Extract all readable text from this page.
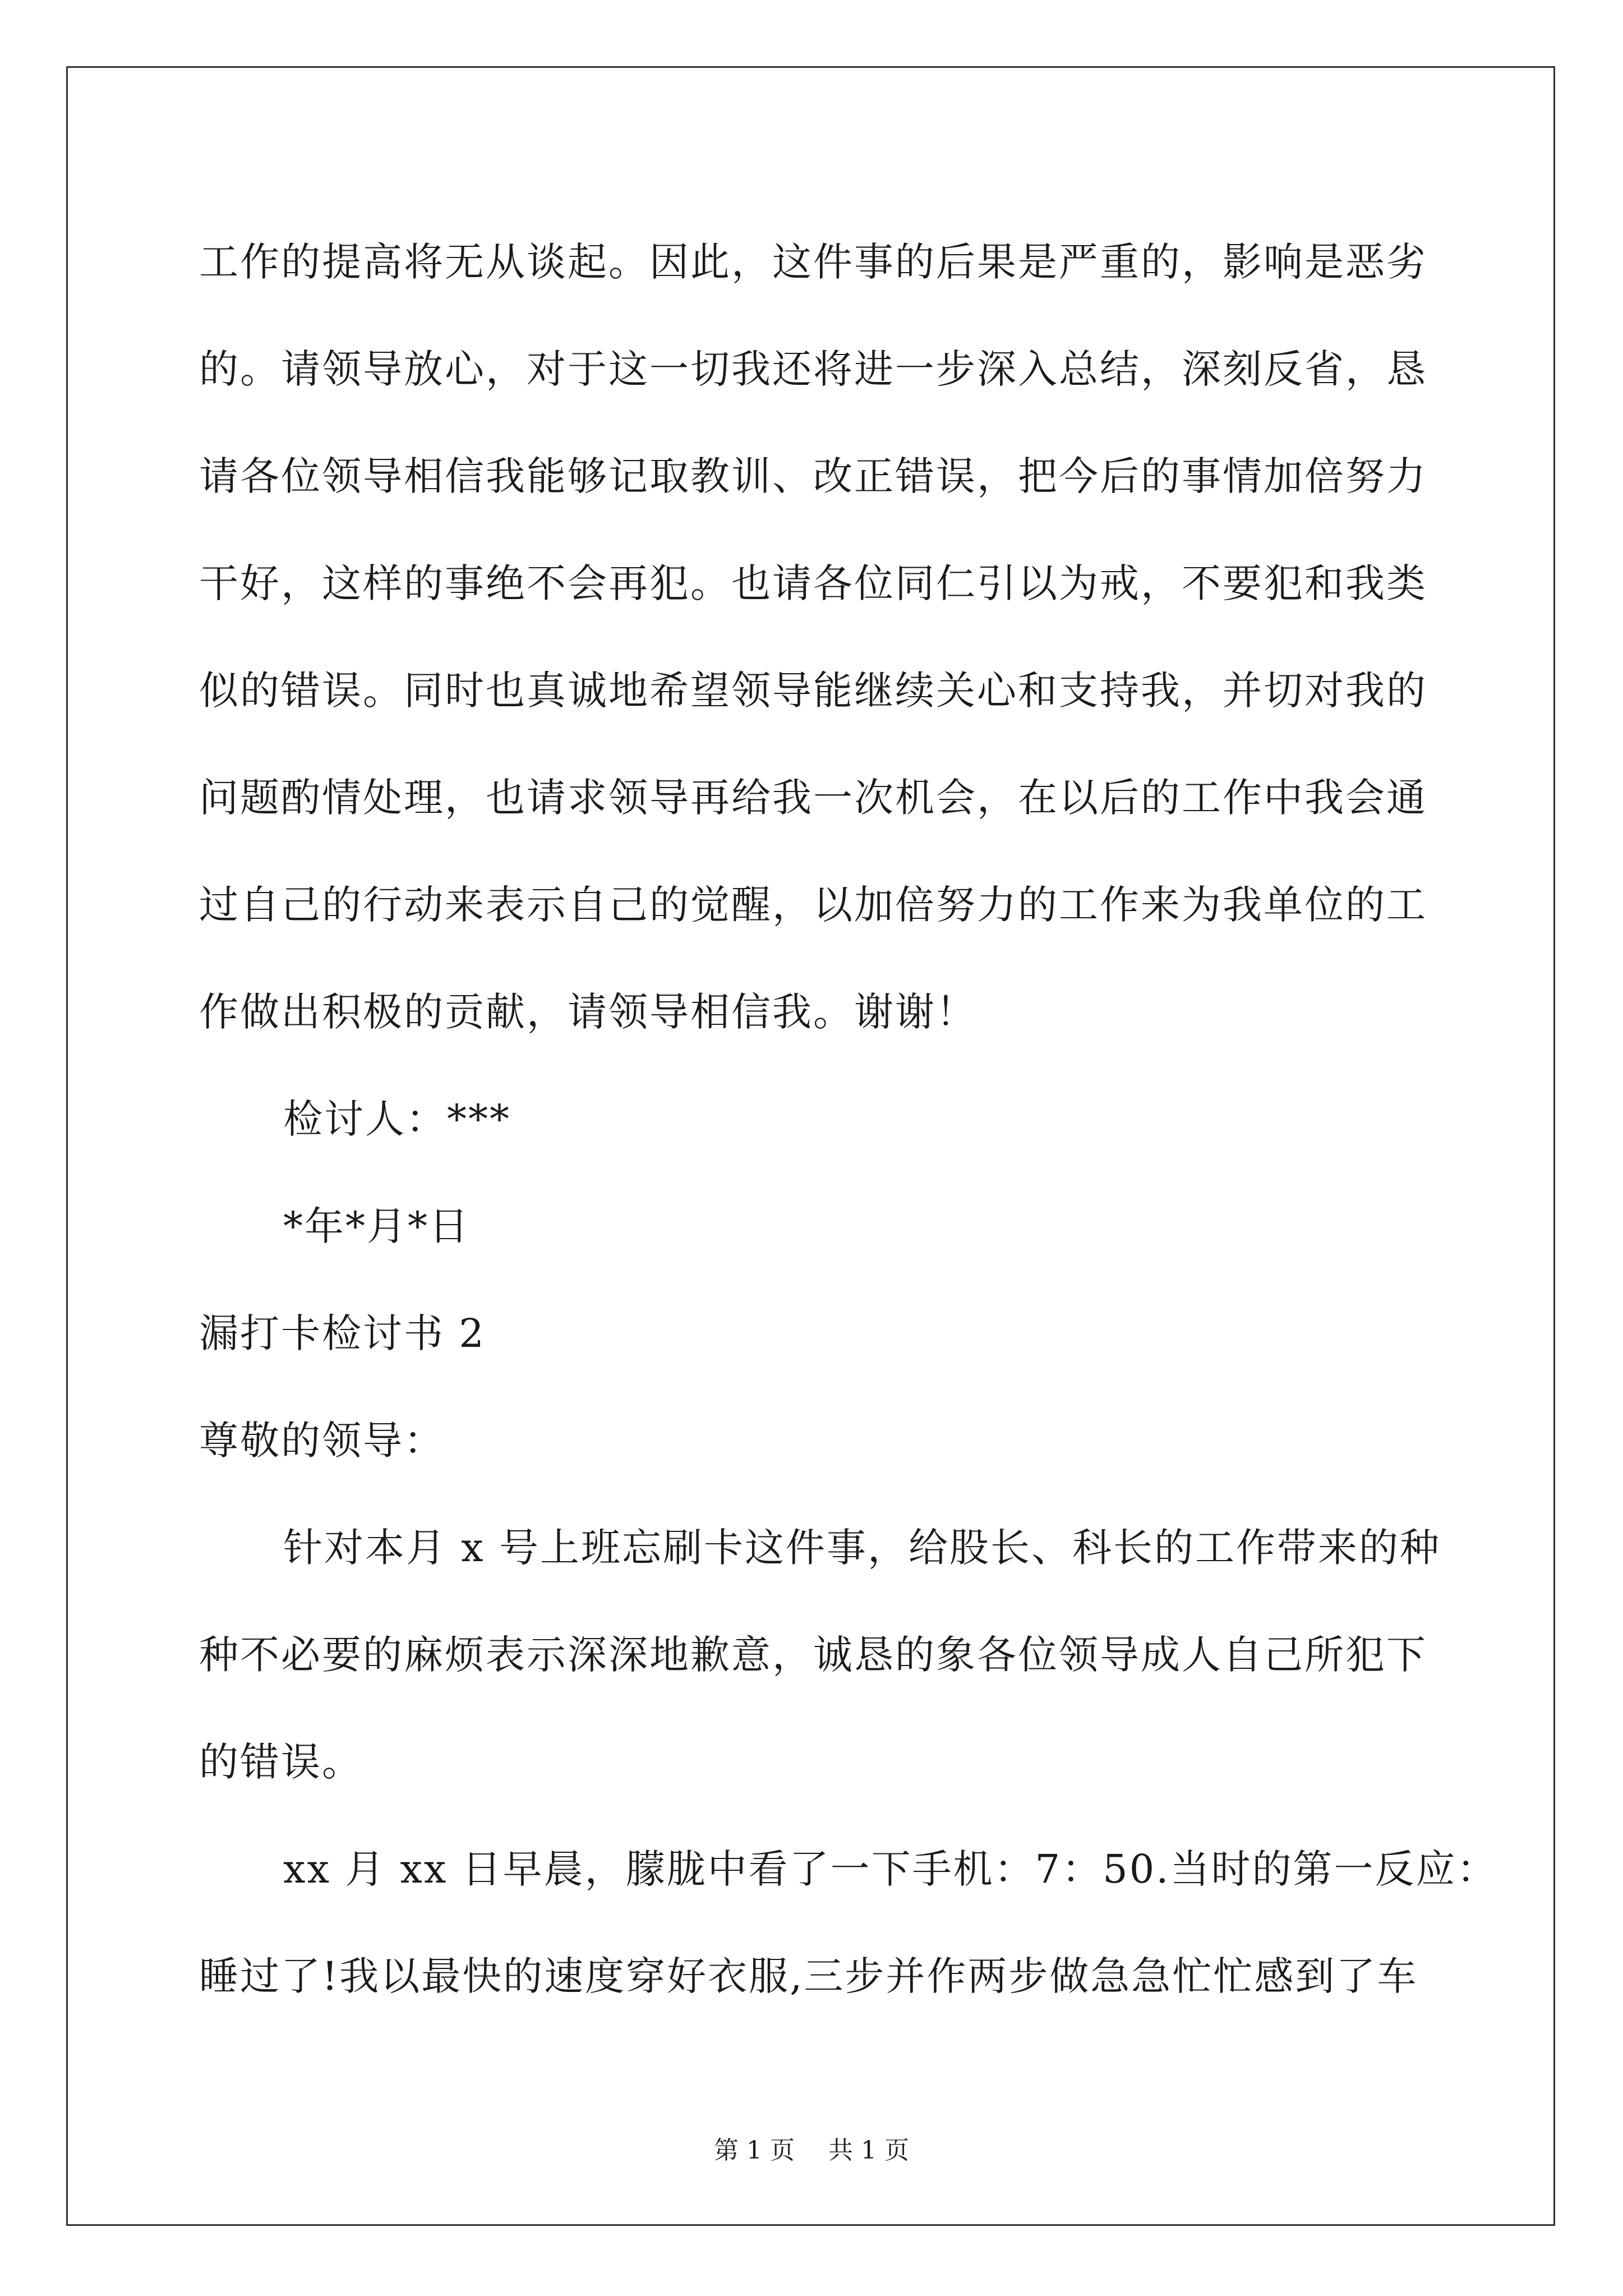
工作的提高将无从谈起。因此，这件事的后果是严重的，影响是恶劣
的。请领导放心，对于这一切我还将进一步深入总结，深刻反省，恳
请各位领导相信我能够记取教训、改正错误，把今后的事情加倍努力
干好，这样的事绝不会再犯。也请各位同仁引以为戒，不要犯和我类
似的错误。同时也真诚地希望领导能继续关心和支持我，并切对我的
问题酌情处理，也请求领导再给我一次机会，在以后的工作中我会通
过自己的行动来表示自己的觉醒，以加倍努力的工作来为我单位的工
作做出积极的贡献，请领导相信我。谢谢！
检讨人：***
*年*月*日
漏打卡检讨书 2
尊敬的领导：
针对本月 x 号上班忘刷卡这件事，给股长、科长的工作带来的种
种不必要的麻烦表示深深地歉意，诚恳的象各位领导成人自己所犯下
的错误。
xx 月 xx 日早晨，朦胧中看了一下手机：7：50.当时的第一反应：
睡过了!我以最快的速度穿好衣服,三步并作两步做急急忙忙感到了车
第 1 页 共 1 页
